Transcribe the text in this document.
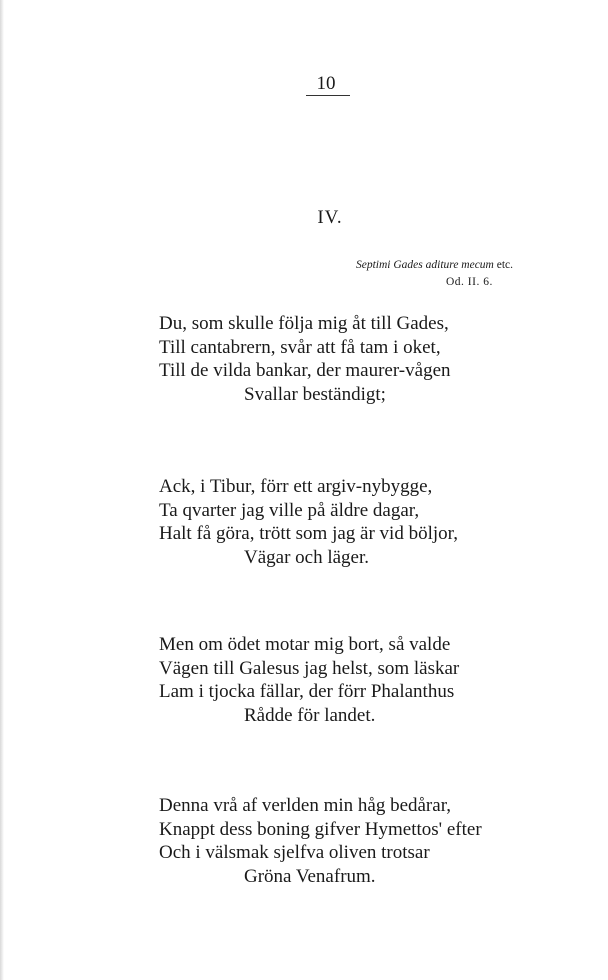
10
IV.
Septimi Gades aditure mecum etc.
Od. II. 6.
Du, som skulle följa mig åt till Gades,
Till cantabrern, svår att få tam i oket,
Till de vilda bankar, der maurer-vågen
Svallar beständigt;
Ack, i Tibur, förr ett argiv-nybygge,
Ta qvarter jag ville på äldre dagar,
Halt få göra, trött som jag är vid böljor,
Vägar och läger.
Men om ödet motar mig bort, så valde
Vägen till Galesus jag helst, som läskar
Lam i tjocka fällar, der förr Phalanthus
Rådde för landet.
Denna vrå af verlden min håg bedårar,
Knappt dess boning gifver Hymettos' efter
Och i välsmak sjelfva oliven trotsar
Gröna Venafrum.
